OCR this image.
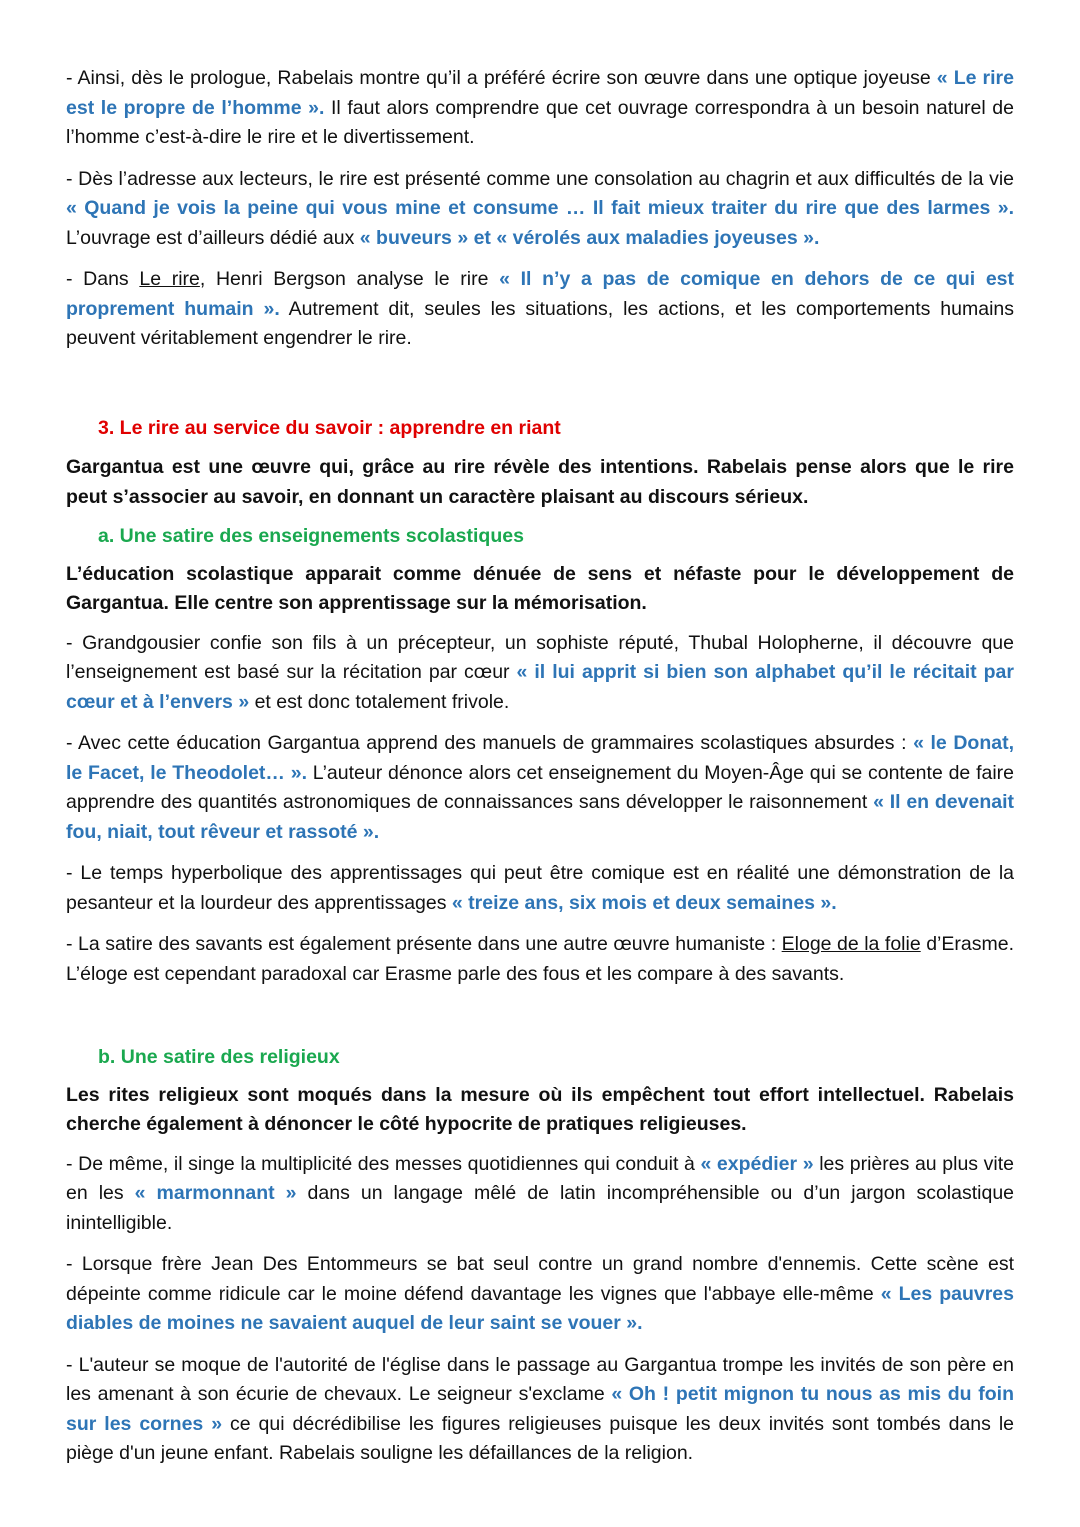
- Ainsi, dès le prologue, Rabelais montre qu’il a préféré écrire son œuvre dans une optique joyeuse « Le rire est le propre de l’homme ». Il faut alors comprendre que cet ouvrage correspondra à un besoin naturel de l’homme c’est-à-dire le rire et le divertissement.

- Dès l’adresse aux lecteurs, le rire est présenté comme une consolation au chagrin et aux difficultés de la vie « Quand je vois la peine qui vous mine et consume … Il fait mieux traiter du rire que des larmes ». L’ouvrage est d’ailleurs dédié aux « buveurs » et « vérolés aux maladies joyeuses ».

- Dans Le rire, Henri Bergson analyse le rire « Il n’y a pas de comique en dehors de ce qui est proprement humain ». Autrement dit, seules les situations, les actions, et les comportements humains peuvent véritablement engendrer le rire.

3. Le rire au service du savoir : apprendre en riant

Gargantua est une œuvre qui, grâce au rire révèle des intentions. Rabelais pense alors que le rire peut s’associer au savoir, en donnant un caractère plaisant au discours sérieux.

a. Une satire des enseignements scolastiques

L’éducation scolastique apparait comme dénuée de sens et néfaste pour le développement de Gargantua. Elle centre son apprentissage sur la mémorisation.

- Grandgousier confie son fils à un précepteur, un sophiste réputé, Thubal Holopherne, il découvre que l’enseignement est basé sur la récitation par cœur « il lui apprit si bien son alphabet qu’il le récitait par cœur et à l’envers » et est donc totalement frivole.

- Avec cette éducation Gargantua apprend des manuels de grammaires scolastiques absurdes : « le Donat, le Facet, le Theodolet… ». L’auteur dénonce alors cet enseignement du Moyen-Âge qui se contente de faire apprendre des quantités astronomiques de connaissances sans développer le raisonnement « Il en devenait fou, niait, tout rêveur et rassoté ».

- Le temps hyperbolique des apprentissages qui peut être comique est en réalité une démonstration de la pesanteur et la lourdeur des apprentissages « treize ans, six mois et deux semaines ».

- La satire des savants est également présente dans une autre œuvre humaniste : Eloge de la folie d’Erasme. L’éloge est cependant paradoxal car Erasme parle des fous et les compare à des savants.

b. Une satire des religieux

Les rites religieux sont moqués dans la mesure où ils empêchent tout effort intellectuel. Rabelais cherche également à dénoncer le côté hypocrite de pratiques religieuses.

- De même, il singe la multiplicité des messes quotidiennes qui conduit à « expédier » les prières au plus vite en les « marmonnant » dans un langage mêlé de latin incompréhensible ou d’un jargon scolastique inintelligible.

- Lorsque frère Jean Des Entommeurs se bat seul contre un grand nombre d'ennemis. Cette scène est dépeinte comme ridicule car le moine défend davantage les vignes que l'abbaye elle-même « Les pauvres diables de moines ne savaient auquel de leur saint se vouer ».

- L'auteur se moque de l'autorité de l'église dans le passage au Gargantua trompe les invités de son père en les amenant à son écurie de chevaux. Le seigneur s'exclame « Oh ! petit mignon tu nous as mis du foin sur les cornes » ce qui décrédibilise les figures religieuses puisque les deux invités sont tombés dans le piège d'un jeune enfant. Rabelais souligne les défaillances de la religion.
